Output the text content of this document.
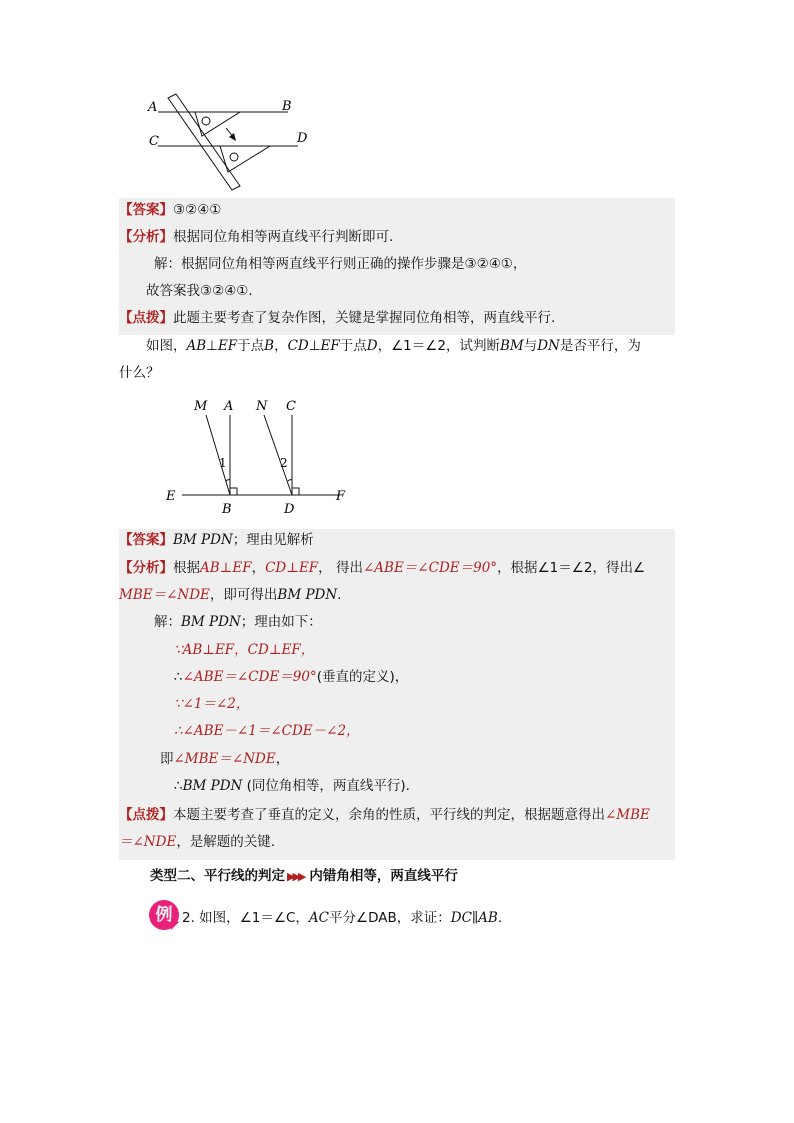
A	B
C	D
【答案】③②④①
【分析】根据同位角相等两直线平行判断即可.
解：根据同位角相等两直线平行则正确的操作步骤是③②④①，
故答案我③②④①.
【点拨】此题主要考查了复杂作图，关键是掌握同位角相等，两直线平行.
如图，AB⊥EF于点B，CD⊥EF于点D，∠1＝∠2，试判断BM与DN是否平行，为
什么？
M A N C
E
B	D
F
1	2
【答案】BM PDN；理由见解析
【分析】根据AB⊥EF，CD⊥EF， 得出∠ABE＝∠CDE＝90°，根据∠1＝∠2，得出∠
MBE＝∠NDE，即可得出BM PDN.
解：BM PDN；理由如下：
∵AB⊥EF，CD⊥EF，
∴∠ABE＝∠CDE＝90°(垂直的定义)，
∵∠1＝∠2，
∴∠ABE－∠1＝∠CDE－∠2，
即∠MBE＝∠NDE，
∴BM PDN (同位角相等，两直线平行).
【点拨】本题主要考查了垂直的定义，余角的性质，平行线的判定，根据题意得出∠MBE
＝∠NDE，是解题的关键.
类型二、平行线的判定 ▶▶▶ 内错角相等，两直线平行
例 2. 如图，∠1＝∠C，AC平分∠DAB，求证：DC∥AB.
